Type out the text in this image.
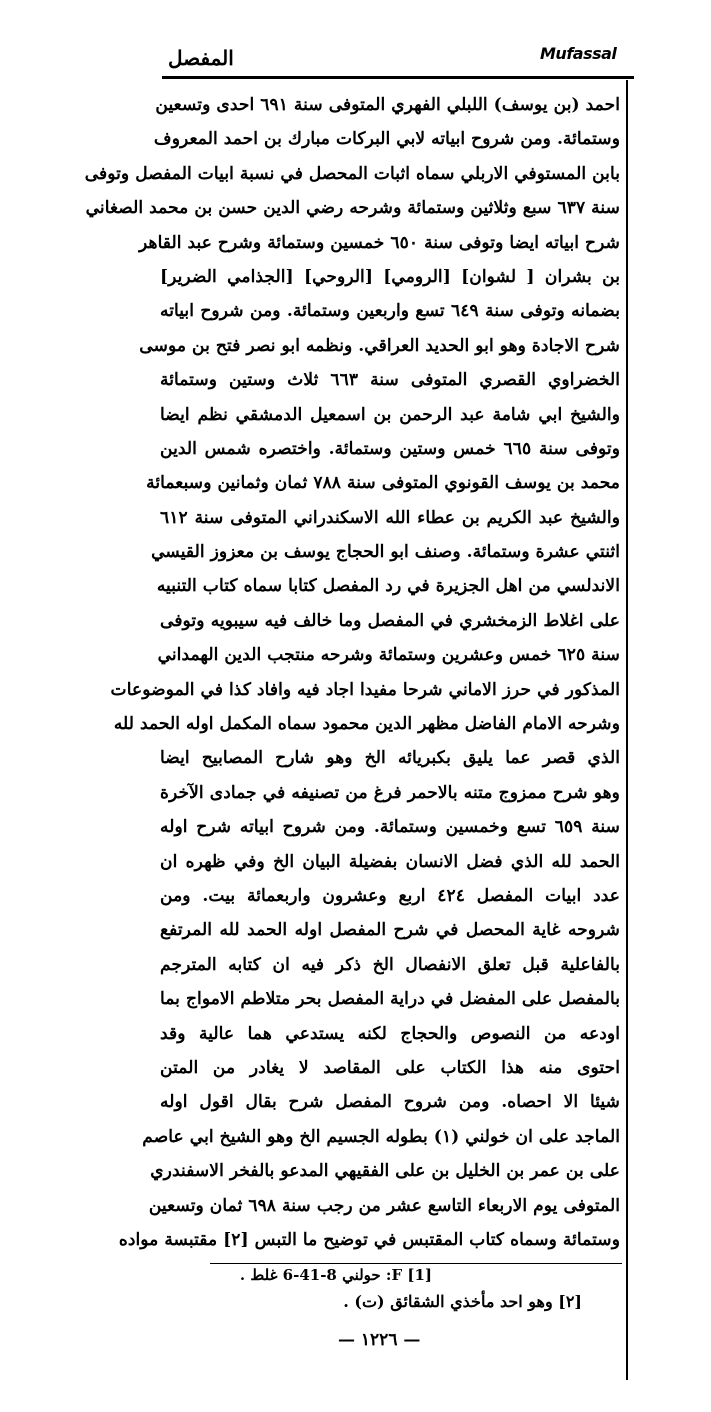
المفصل	Mufassal
احمد (بن يوسف) اللبلي الفهري المتوفى سنة ٦٩١ احدى وتسعين
وستمائة. ومن شروح ابياته لابي البركات مبارك بن احمد المعروف
بابن المستوفي الاربلي سماه اثبات المحصل في نسبة ابيات المفصل وتوفى
سنة ٦٣٧ سبع وثلاثين وستمائة وشرحه رضي الدين حسن بن محمد الصغاني
شرح ابياته ايضا وتوفى سنة ٦٥٠ خمسين وستمائة وشرح عبد القاهر
بن بشران [ لشوان] [الرومي] [الروحي] [الجذامي الضرير]
بضمانه وتوفى سنة ٦٤٩ تسع واربعين وستمائة. ومن شروح ابياته
شرح الاجادة وهو ابو الحديد العراقي. ونظمه ابو نصر فتح بن موسى
الخضراوي القصري المتوفى سنة ٦٦٣ ثلاث وستين وستمائة
والشيخ ابي شامة عبد الرحمن بن اسمعيل الدمشقي نظم ايضا
وتوفى سنة ٦٦٥ خمس وستين وستمائة. واختصره شمس الدين
محمد بن يوسف القونوي المتوفى سنة ٧٨٨ ثمان وثمانين وسبعمائة
والشيخ عبد الكريم بن عطاء الله الاسكندراني المتوفى سنة ٦١٢
اثنتي عشرة وستمائة. وصنف ابو الحجاج يوسف بن معزوز القيسي
الاندلسي من اهل الجزيرة في رد المفصل كتابا سماه كتاب التنبيه
على اغلاط الزمخشري في المفصل وما خالف فيه سيبويه وتوفى
سنة ٦٢٥ خمس وعشرين وستمائة وشرحه منتجب الدين الهمداني
المذكور في حرز الاماني شرحا مفيدا اجاد فيه وافاد كذا في الموضوعات
وشرحه الامام الفاضل مظهر الدين محمود سماه المكمل اوله الحمد لله
الذي قصر عما يليق بكبريائه الخ وهو شارح المصابيح ايضا
وهو شرح ممزوج متنه بالاحمر فرغ من تصنيفه في جمادى الآخرة
سنة ٦٥٩ تسع وخمسين وستمائة. ومن شروح ابياته شرح اوله
الحمد لله الذي فضل الانسان بفضيلة البيان الخ وفي ظهره ان
عدد ابيات المفصل ٤٢٤ اربع وعشرون واربعمائة بيت. ومن
شروحه غاية المحصل في شرح المفصل اوله الحمد لله المرتفع
بالفاعلية قبل تعلق الانفصال الخ ذكر فيه ان كتابه المترجم
بالمفصل على المفضل في دراية المفصل بحر متلاطم الامواج بما
اودعه من النصوص والحجاج لكنه يستدعي هما عالية وقد
احتوى منه هذا الكتاب على المقاصد لا يغادر من المتن
شيئا الا احصاه. ومن شروح المفصل شرح بقال اقول اوله
الماجد على ان خولني (١) بطوله الجسيم الخ وهو الشيخ ابي عاصم
على بن عمر بن الخليل بن على الفقيهي المدعو بالفخر الاسفندري
المتوفى يوم الاربعاء التاسع عشر من رجب سنة ٦٩٨ ثمان وتسعين
وستمائة وسماه كتاب المقتبس في توضيح ما التبس [٢] مقتبسة مواده
[1] F: حولني 8-41-6 غلط .
[٢] وهو احد مأخذي الشقائق (ت) .
— ١٢٢٦ —
